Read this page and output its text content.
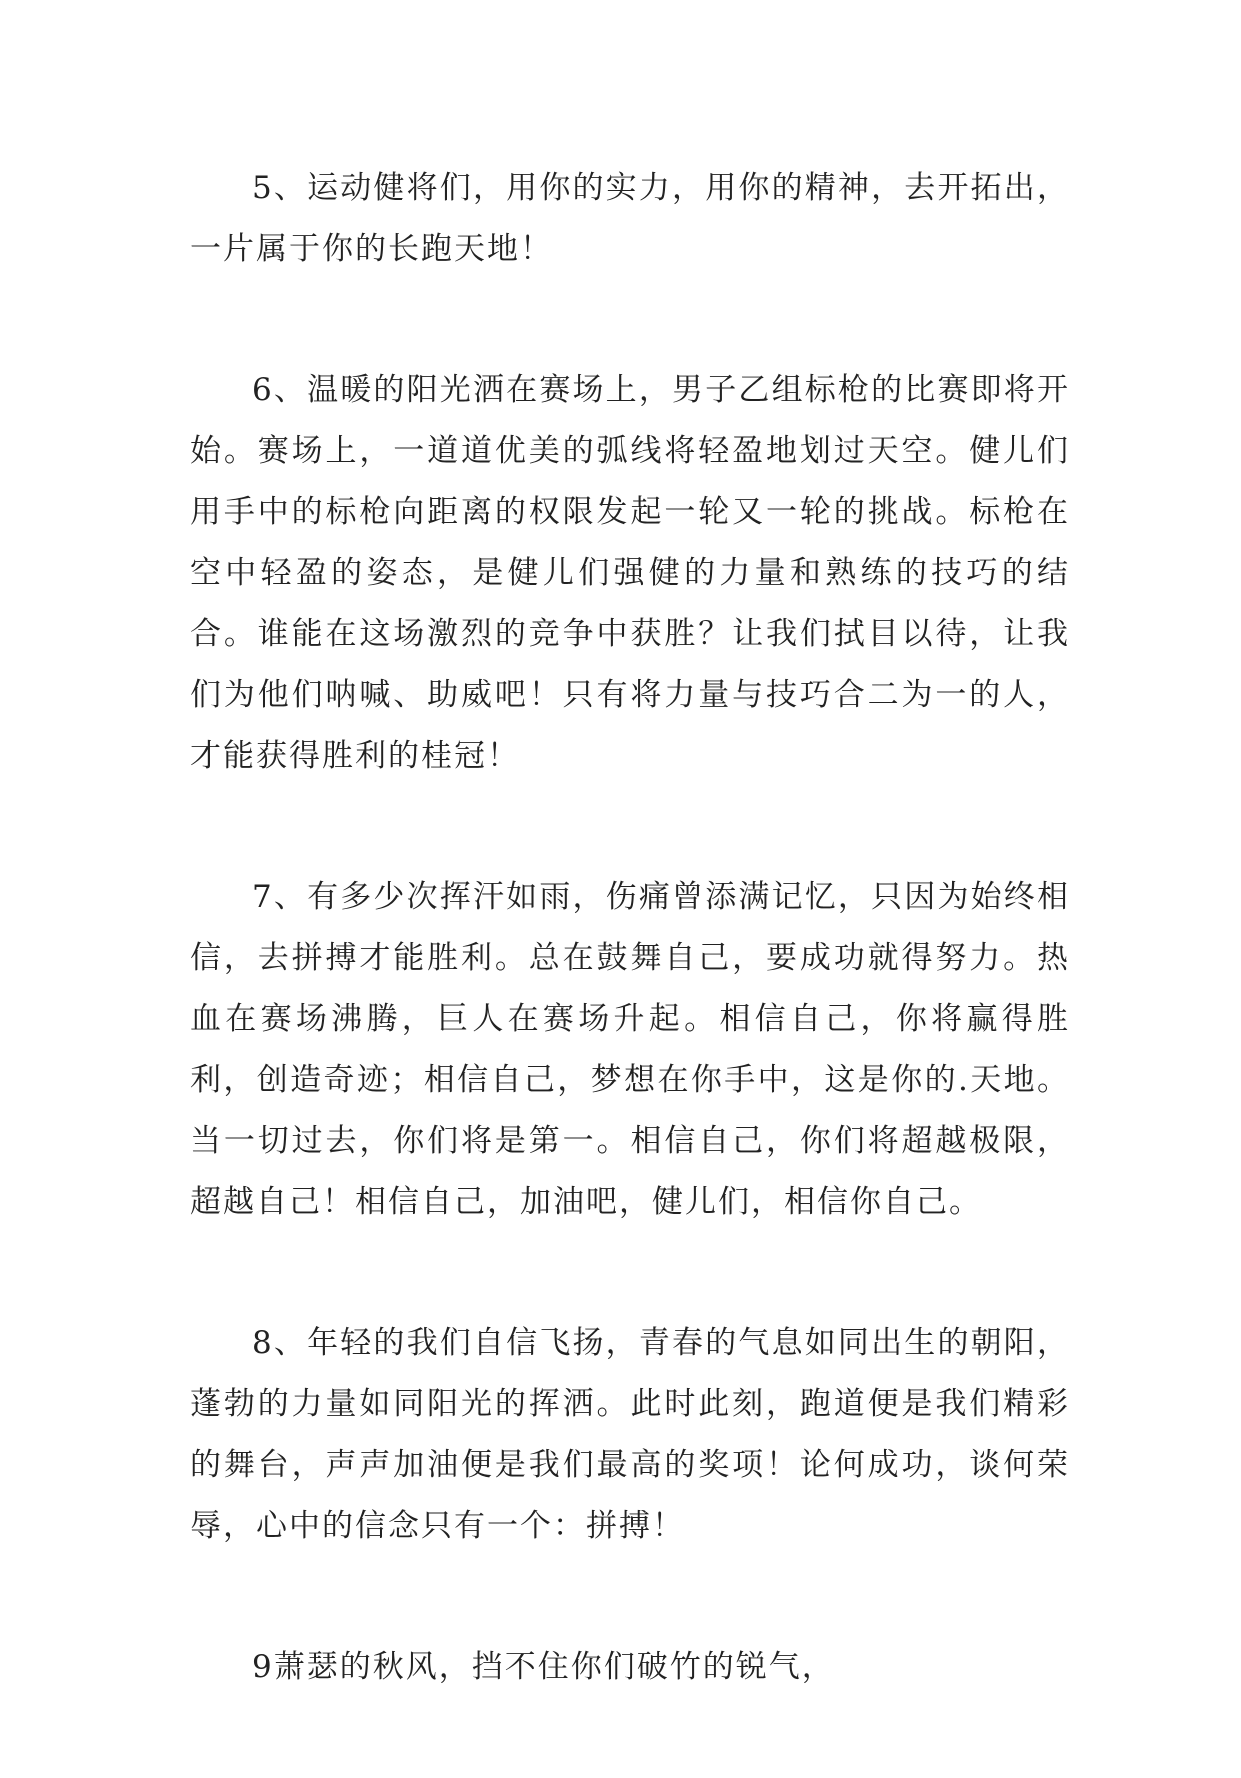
5、运动健将们，用你的实力，用你的精神，去开拓出，一片属于你的长跑天地！

6、温暖的阳光洒在赛场上，男子乙组标枪的比赛即将开始。赛场上，一道道优美的弧线将轻盈地划过天空。健儿们用手中的标枪向距离的权限发起一轮又一轮的挑战。标枪在空中轻盈的姿态，是健儿们强健的力量和熟练的技巧的结合。谁能在这场激烈的竞争中获胜？让我们拭目以待，让我们为他们呐喊、助威吧！只有将力量与技巧合二为一的人，才能获得胜利的桂冠！

7、有多少次挥汗如雨，伤痛曾添满记忆，只因为始终相信，去拼搏才能胜利。总在鼓舞自己，要成功就得努力。热血在赛场沸腾，巨人在赛场升起。相信自己，你将赢得胜利，创造奇迹；相信自己，梦想在你手中，这是你的.天地。当一切过去，你们将是第一。相信自己，你们将超越极限，超越自己！相信自己，加油吧，健儿们，相信你自己。

8、年轻的我们自信飞扬，青春的气息如同出生的朝阳，蓬勃的力量如同阳光的挥洒。此时此刻，跑道便是我们精彩的舞台，声声加油便是我们最高的奖项！论何成功，谈何荣辱，心中的信念只有一个：拼搏！

9萧瑟的秋风，挡不住你们破竹的锐气，
